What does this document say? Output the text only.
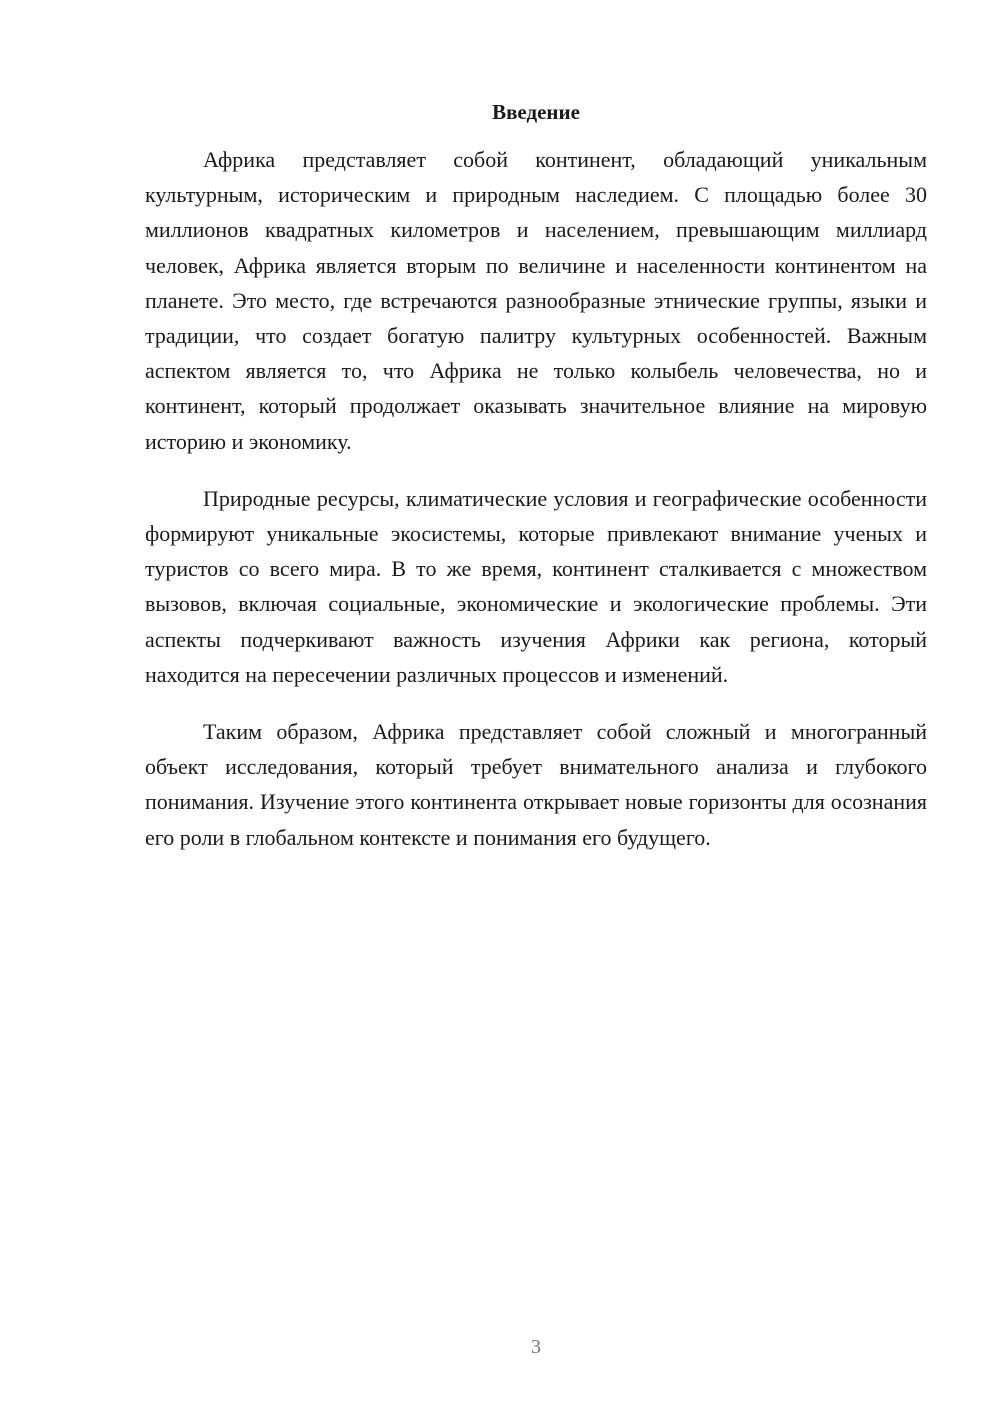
Введение

Африка представляет собой континент, обладающий уникальным культурным, историческим и природным наследием. С площадью более 30 миллионов квадратных километров и населением, превышающим миллиард человек, Африка является вторым по величине и населенности континентом на планете. Это место, где встречаются разнообразные этнические группы, языки и традиции, что создает богатую палитру культурных особенностей. Важным аспектом является то, что Африка не только колыбель человечества, но и континент, который продолжает оказывать значительное влияние на мировую историю и экономику.

Природные ресурсы, климатические условия и географические особенности формируют уникальные экосистемы, которые привлекают внимание ученых и туристов со всего мира. В то же время, континент сталкивается с множеством вызовов, включая социальные, экономические и экологические проблемы. Эти аспекты подчеркивают важность изучения Африки как региона, который находится на пересечении различных процессов и изменений.

Таким образом, Африка представляет собой сложный и многогранный объект исследования, который требует внимательного анализа и глубокого понимания. Изучение этого континента открывает новые горизонты для осознания его роли в глобальном контексте и понимания его будущего.

3
